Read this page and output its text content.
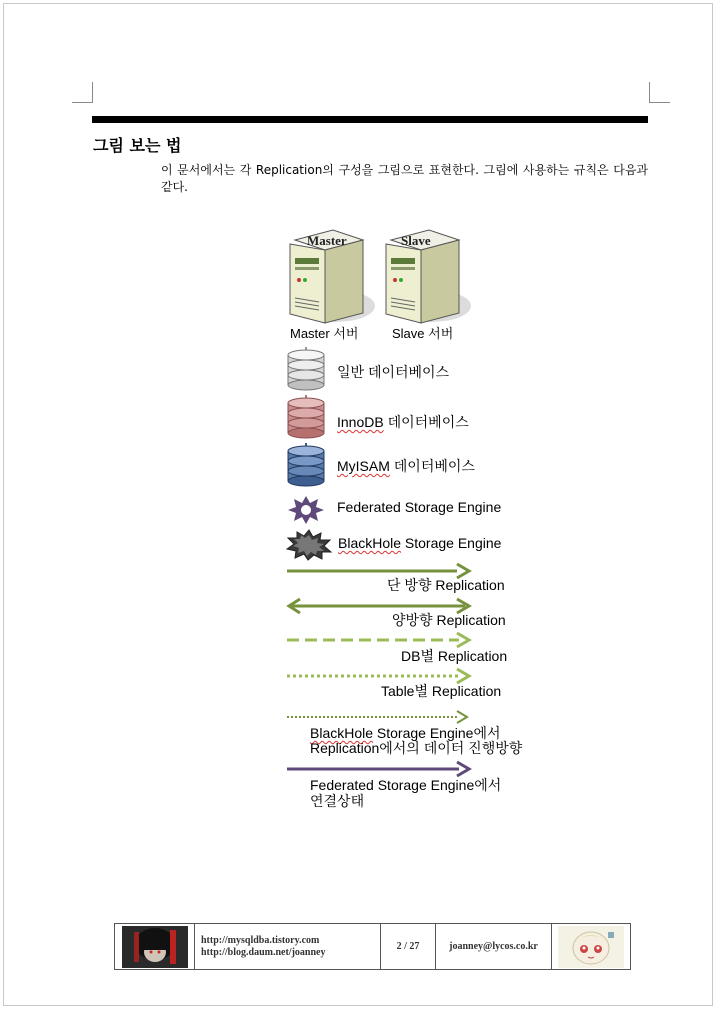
그림 보는 법
이 문서에서는 각 Replication의 구성을 그림으로 표현한다. 그림에 사용하는 규칙은 다음과 같다.
Master	Slave
Master 서버	Slave 서버
일반 데이터베이스
InnoDB 데이터베이스
MyISAM 데이터베이스
Federated Storage Engine
BlackHole Storage Engine
단 방향 Replication
양방향 Replication
DB별 Replication
Table별 Replication
BlackHole Storage Engine에서
Replication에서의 데이터 진행방향
Federated Storage Engine에서
연결상태
http://mysqldba.tistory.com
http://blog.daum.net/joanney	2 / 27	joanney@lycos.co.kr
